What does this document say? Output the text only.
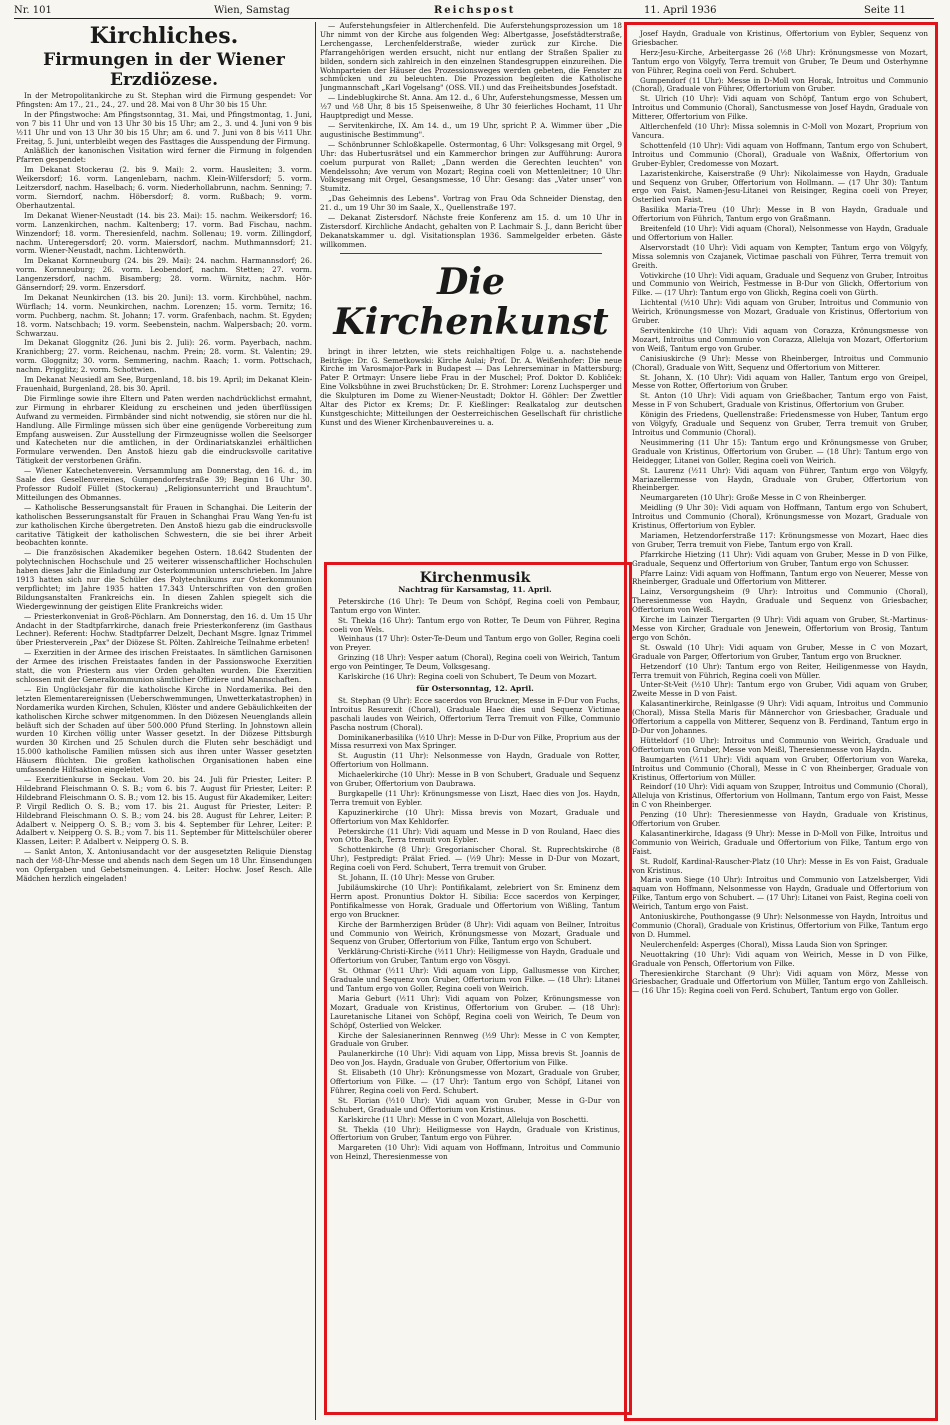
Nr. 101	Wien, Samstag	Reichspost	11. April 1936	Seite 11
Kirchliches.
Firmungen in der Wiener Erzdiözese.

In der Metropolitankirche zu St. Stephan wird die Firmung gespendet: Vor Pfingsten: Am 17., 21., 24., 27. und 28. Mai von 8 Uhr 30 bis 15 Uhr.

In der Pfingstwoche: Am Pfingstsonntag, 31. Mai, und Pfingstmontag, 1. Juni, von 7 bis 11 Uhr und von 13 Uhr 30 bis 15 Uhr; am 2., 3. und 4. Juni von 9 bis ½11 Uhr und von 13 Uhr 30 bis 15 Uhr; am 6. und 7. Juni von 8 bis ½11 Uhr. Freitag, 5. Juni, unterbleibt wegen des Fasttages die Ausspendung der Firmung.

Anläßlich der kanonischen Visitation wird ferner die Firmung in folgenden Pfarren gespendet:

Im Dekanat Stockerau (2. bis 9. Mai): 2. vorm. Hausleiten; 3. vorm. Weikersdorf; 16. vorm. Langenlebarn, nachm. Klein-Wilfersdorf; 5. vorm. Leitzersdorf, nachm. Haselbach; 6. vorm. Niederhollabrunn, nachm. Senning; 7. vorm. Sierndorf, nachm. Höbersdorf; 8. vorm. Rußbach; 9. vorm. Oberhautzental.

Im Dekanat Wiener-Neustadt (14. bis 23. Mai): 15. nachm. Weikersdorf; 16. vorm. Lanzenkirchen, nachm. Kaltenberg; 17. vorm. Bad Fischau, nachm. Winzendorf; 18. vorm. Theresienfeld, nachm. Sollenau; 19. vorm. Zillingdorf, nachm. Unteregersdorf; 20. vorm. Maiersdorf, nachm. Muthmannsdorf; 21. vorm. Wiener-Neustadt, nachm. Lichtenwörth.

Im Dekanat Kornneuburg (24. bis 29. Mai): 24. nachm. Harmannsdorf; 26. vorm. Kornneuburg; 26. vorm. Leobendorf, nachm. Stetten; 27. vorm. Langenzersdorf, nachm. Bisamberg; 28. vorm. Würnitz, nachm. Hör-Gänserndorf; 29. vorm. Enzersdorf.

Im Dekanat Neunkirchen (13. bis 20. Juni): 13. vorm. Kirchbühel, nachm. Würflach; 14. vorm. Neunkirchen, nachm. Lorenzen; 15. vorm. Ternitz; 16. vorm. Puchberg, nachm. St. Johann; 17. vorm. Grafenbach, nachm. St. Egyden; 18. vorm. Natschbach; 19. vorm. Seebenstein, nachm. Walpersbach; 20. vorm. Schwarzau.

Im Dekanat Gloggnitz (26. Juni bis 2. Juli): 26. vorm. Payerbach, nachm. Kranichberg; 27. vorm. Reichenau, nachm. Prein; 28. vorm. St. Valentin; 29. vorm. Gloggnitz; 30. vorm. Semmering, nachm. Raach; 1. vorm. Pottschach, nachm. Prigglitz; 2. vorm. Schottwien.

Im Dekanat Neusiedl am See, Burgenland, 18. bis 19. April; im Dekanat Klein-Frauenhaid, Burgenland, 28. bis 30. April.

Die Firmlinge sowie ihre Eltern und Paten werden nachdrücklichst ermahnt, zur Firmung in ehrbarer Kleidung zu erscheinen und jeden überflüssigen Aufwand zu vermeiden. Firmbänder sind nicht notwendig, sie stören nur die hl. Handlung. Alle Firmlinge müssen sich über eine genügende Vorbereitung zum Empfang ausweisen. Zur Ausstellung der Firmzeugnisse wollen die Seelsorger und Katecheten nur die amtlichen, in der Ordinariatskanzlei erhältlichen Formulare verwenden. Den Anstoß hiezu gab die eindrucksvolle caritative Tätigkeit der verstorbenen Gräfin.

— Wiener Katechetenverein. Versammlung am Donnerstag, den 16. d., im Saale des Gesellenvereines, Gumpendorferstraße 39; Beginn 16 Uhr 30. Professor Rudolf Füllet (Stockerau) „Religionsunterricht und Brauchtum". Mitteilungen des Obmannes.

— Katholische Besserungsanstalt für Frauen in Schanghai. Die Leiterin der katholischen Besserungsanstalt für Frauen in Schanghai Frau Wang Yen-fu ist zur katholischen Kirche übergetreten. Den Anstoß hiezu gab die eindrucksvolle caritative Tätigkeit der katholischen Schwestern, die sie bei ihrer Arbeit beobachten konnte.

— Die französischen Akademiker begehen Ostern. 18.642 Studenten der polytechnischen Hochschule und 25 weiterer wissenschaftlicher Hochschulen haben dieses Jahr die Einladung zur Osterkommunion unterschrieben. Im Jahre 1913 hatten sich nur die Schüler des Polytechnikums zur Osterkommunion verpflichtet; im Jahre 1935 hatten 17.343 Unterschriften von den großen Bildungsanstalten Frankreichs ein. In diesen Zahlen spiegelt sich die Wiedergewinnung der geistigen Elite Frankreichs wider.

— Priesterkonveniat in Groß-Pöchlarn. Am Donnerstag, den 16. d. Um 15 Uhr Andacht in der Stadtpfarrkirche, danach freie Priesterkonferenz (im Gasthaus Lechner). Referent: Hochw. Stadtpfarrer Delzelt, Dechant Msgre. Ignaz Trimmel über Priesterverein „Pax" der Diözese St. Pölten. Zahlreiche Teilnahme erbeten!

— Exerzitien in der Armee des irischen Freistaates. In sämtlichen Garnisonen der Armee des irischen Freistaates fanden in der Passionswoche Exerzitien statt, die von Priestern aus vier Orden gehalten wurden. Die Exerzitien schlossen mit der Generalkommunion sämtlicher Offiziere und Mannschaften.

— Ein Unglücksjahr für die katholische Kirche in Nordamerika. Bei den letzten Elementarereignissen (Ueberschwemmungen, Unwetterkatastrophen) in Nordamerika wurden Kirchen, Schulen, Klöster und andere Gebäulichkeiten der katholischen Kirche schwer mitgenommen. In den Diözesen Neuenglands allein beläuft sich der Schaden auf über 500.000 Pfund Sterling. In Johnstown allein wurden 10 Kirchen völlig unter Wasser gesetzt. In der Diözese Pittsburgh wurden 30 Kirchen und 25 Schulen durch die Fluten sehr beschädigt und 15.000 katholische Familien müssen sich aus ihren unter Wasser gesetzten Häusern flüchten. Die großen katholischen Organisationen haben eine umfassende Hilfsaktion eingeleitet.

— Exerzitienkurse in Seckau. Vom 20. bis 24. Juli für Priester, Leiter: P. Hildebrand Fleischmann O. S. B.; vom 6. bis 7. August für Priester, Leiter: P. Hildebrand Fleischmann O. S. B.; vom 12. bis 15. August für Akademiker, Leiter: P. Virgil Redlich O. S. B.; vom 17. bis 21. August für Priester, Leiter: P. Hildebrand Fleischmann O. S. B.; vom 24. bis 28. August für Lehrer, Leiter: P. Adalbert v. Neipperg O. S. B.; vom 3. bis 4. September für Lehrer, Leiter: P. Adalbert v. Neipperg O. S. B.; vom 7. bis 11. September für Mittelschüler oberer Klassen, Leiter: P. Adalbert v. Neipperg O. S. B.

— Sankt Anton, X. Antoniusandacht vor der ausgesetzten Reliquie Dienstag nach der ½8-Uhr-Messe und abends nach dem Segen um 18 Uhr. Einsendungen von Opfergaben und Gebetsmeinungen. 4. Leiter: Hochw. Josef Resch. Alle Mädchen herzlich eingeladen!

— Auferstehungsfeier in Altlerchenfeld. Die Auferstehungsprozession um 18 Uhr nimmt von der Kirche aus folgenden Weg: Albertgasse, Josefstädterstraße, Lerchengasse, Lerchenfelderstraße, wieder zurück zur Kirche. Die Pfarrangehörigen werden ersucht, nicht nur entlang der Straßen Spalier zu bilden, sondern sich zahlreich in den einzelnen Standesgruppen einzureihen. Die Wohnparteien der Häuser des Prozessionsweges werden gebeten, die Fenster zu schmücken und zu beleuchten. Die Prozession begleiten die Katholische Jungmannschaft „Karl Vogelsang" (OSS. VII.) und das Freiheitsbundes Josefstadt.

— Lindeblugkirche St. Anna. Am 12. d., 6 Uhr, Auferstehungsmesse, Messen um ½7 und ½8 Uhr, 8 bis 15 Speisenweihe, 8 Uhr 30 feierliches Hochamt, 11 Uhr Hauptpredigt und Messe.

— Servitenkirche, IX. Am 14. d., um 19 Uhr, spricht P. A. Wimmer über „Die augustinische Bestimmung".

— Schönbrunner Schloßkapelle. Ostermontag, 6 Uhr: Volksgesang mit Orgel, 9 Uhr: das Hubertusrätsel und ein Kammerchor bringen zur Aufführung: Aurora coelum purpurat von Rallet; „Dann werden die Gerechten leuchten" von Mendelssohn; Ave verum von Mozart; Regina coeli von Mettenleitner; 10 Uhr: Volksgesang mit Orgel, Gesangsmesse, 10 Uhr: Gesang: das „Vater unser" von Stumitz.

„Das Geheimnis des Lebens". Vortrag von Frau Oda Schneider Dienstag, den 21. d., um 19 Uhr 30 im Saale, X., Quellenstraße 197.

— Dekanat Zistersdorf. Nächste freie Konferenz am 15. d. um 10 Uhr in Zistersdorf. Kirchliche Andacht, gehalten von P. Lachmair S. J., dann Bericht über Dekanatskammer u. dgl. Visitationsplan 1936. Sammelgelder erbeten. Gäste willkommen.

Die Kirchenkunst

bringt in ihrer letzten, wie stets reichhaltigen Folge u. a. nachstehende Beiträge: Dr. G. Semetkowski: Kirche Aulai; Prof. Dr. A. Weißenhofer: Die neue Kirche im Varosmajor-Park in Budapest — Das Lehrerseminar in Mattersburg; Pater P. Ortmayr: Unsere liebe Frau in der Muschel; Prof. Doktor D. Kobliček: Eine Volksbühne in zwei Bruchstücken; Dr. E. Strohmer: Lorenz Luchsperger und die Skulpturen im Dome zu Wiener-Neustadt; Doktor H. Göhler: Der Zwettler Altar des Pictor ex Krems; Dr. F. Kießlinger: Realkatalog zur deutschen Kunstgeschichte; Mitteilungen der Oesterreichischen Gesellschaft für christliche Kunst und des Wiener Kirchenbauvereines u. a.

Kirchenmusik
Nachtrag für Karsamstag, 11. April.

Peterskirche (16 Uhr): Te Deum von Schöpf, Regina coeli von Pembaur, Tantum ergo von Winter.

St. Thekla (16 Uhr): Tantum ergo von Rotter, Te Deum von Führer, Regina coeli von Wels.

Weinhaus (17 Uhr): Oster-Te-Deum und Tantum ergo von Goller, Regina coeli von Preyer.

Grinzing (18 Uhr): Vesper aatum (Choral), Regina coeli von Weirich, Tantum ergo von Peintinger, Te Deum, Volksgesang.

Karlskirche (16 Uhr): Regina coeli von Schubert, Te Deum von Mozart.

für Ostersonntag, 12. April.

St. Stephan (9 Uhr): Ecce sacerdos von Bruckner, Messe in F-Dur von Fuchs, Introitus Resurexit (Choral), Graduale Haec dies und Sequenz Victimae paschali laudes von Weirich, Offertorium Terra Tremuit von Filke, Communio Pascha nostrum (Choral).

Dominikanerbasilika (½10 Uhr): Messe in D-Dur von Filke, Proprium aus der Missa resurrexi von Max Springer.

St. Augustin (11 Uhr): Nelsonmesse von Haydn, Graduale von Rotter, Offertorium von Hollmann.

Michaelerkirche (10 Uhr): Messe in B von Schubert, Graduale und Sequenz von Gruber, Offertorium von Daubrawa.

Burgkapelle (11 Uhr): Krönungsmesse von Liszt, Haec dies von Jos. Haydn, Terra tremuit von Eybler.

Kapuzinerkirche (10 Uhr): Missa brevis von Mozart, Graduale und Offertorium von Max Kehldorfer.

Peterskirche (11 Uhr): Vidi aquam und Messe in D von Rouland, Haec dies von Otto Bach, Terra tremuit von Eybler.

Schottenkirche (8 Uhr): Gregorianischer Choral. St. Ruprechtskirche (8 Uhr), Festpredigt: Prälat Fried. — (½9 Uhr): Messe in D-Dur von Mozart, Regina coeli von Ferd. Schubert, Terra tremuit von Gruber.

St. Johann, II. (10 Uhr): Messe von Gruber.

Jubiläumskirche (10 Uhr): Pontifikalamt, zelebriert von Sr. Eminenz dem Herrn apost. Pronuntius Doktor H. Sibilia: Ecce sacerdos von Kerpinger, Pontifikalmesse von Horak, Graduale und Offertorium von Wißling, Tantum ergo von Bruckner.

Kirche der Barmherzigen Brüder (8 Uhr): Vidi aquam von Beilner, Introitus und Communio von Weirich, Krönungsmesse von Mozart, Graduale und Sequenz von Gruber, Offertorium von Filke, Tantum ergo von Schubert.

Verklärung-Christi-Kirche (½11 Uhr): Heiligmesse von Haydn, Graduale und Offertorium von Gruber, Tantum ergo von Vösgyi.

St. Othmar (½11 Uhr): Vidi aquam von Lipp, Gallusmesse von Kircher, Graduale und Sequenz von Gruber, Offertorium von Filke. — (18 Uhr): Litanei und Tantum ergo von Goller, Regina coeli von Weirich.

Maria Geburt (½11 Uhr): Vidi aquam von Polzer, Krönungsmesse von Mozart, Graduale von Kristinus, Offertorium von Gruber. — (18 Uhr): Lauretanische Litanei von Schöpf, Regina coeli von Weirich, Te Deum von Schöpf, Osterlied von Welcker.

Kirche der Salesianerinnen Rennweg (½9 Uhr): Messe in C von Kempter, Graduale von Gruber.

Paulanerkirche (10 Uhr): Vidi aquam von Lipp, Missa brevis St. Joannis de Deo von Jos. Haydn, Graduale von Gruber, Offertorium von Filke.

St. Elisabeth (10 Uhr): Krönungsmesse von Mozart, Graduale von Gruber, Offertorium von Filke. — (17 Uhr): Tantum ergo von Schöpf, Litanei von Führer, Regina coeli von Ferd. Schubert.

St. Florian (½10 Uhr): Vidi aquam von Gruber, Messe in G-Dur von Schubert, Graduale und Offertorium von Kristinus.

Karlskirche (11 Uhr): Messe in C von Mozart, Alleluja von Boschetti.

St. Thekla (10 Uhr): Heiligmesse von Haydn, Graduale von Kristinus, Offertorium von Gruber, Tantum ergo von Führer.

Margareten (10 Uhr): Vidi aquam von Hoffmann, Introitus und Communio von Heinzl, Theresienmesse von

Josef Haydn, Graduale von Kristinus, Offertorium von Eybler, Sequenz von Griesbacher.

Herz-Jesu-Kirche, Arbeitergasse 26 (½8 Uhr): Krönungsmesse von Mozart, Tantum ergo von Völgyfy, Terra tremuit von Gruber, Te Deum und Osterhymne von Führer, Regina coeli von Ferd. Schubert.

Gumpendorf (11 Uhr): Messe in D-Moll von Horak, Introitus und Communio (Choral), Graduale von Führer, Offertorium von Gruber.

St. Ulrich (10 Uhr): Vidi aquam von Schöpf, Tantum ergo von Schubert, Introitus und Communio (Choral), Sanctusmesse von Josef Haydn, Graduale von Mitterer, Offertorium von Filke.

Altlerchenfeld (10 Uhr): Missa solemnis in C-Moll von Mozart, Proprium von Vancura.

Schottenfeld (10 Uhr): Vidi aquam von Hoffmann, Tantum ergo von Schubert, Introitus und Communio (Choral), Graduale von Waßnix, Offertorium von Gruber-Eybler, Credomesse von Mozart.

Lazaristenkirche, Kaiserstraße (9 Uhr): Nikolaimesse von Haydn, Graduale und Sequenz von Gruber, Offertorium von Hollmann. — (17 Uhr 30): Tantum ergo von Faist, Namen-Jesu-Litanei von Reisinger, Regina coeli von Preyer, Osterlied von Faist.

Basilika Maria-Treu (10 Uhr): Messe in B von Haydn, Graduale und Offertorium von Führich, Tantum ergo von Graßmann.

Breitenfeld (10 Uhr): Vidi aquam (Choral), Nelsonmesse von Haydn, Graduale und Offertorium von Haller.

Alservorstadt (10 Uhr): Vidi aquam von Kempter, Tantum ergo von Völgyfy, Missa solemnis von Czajanek, Victimae paschali von Führer, Terra tremuit von Greith.

Votivkirche (10 Uhr): Vidi aquam, Graduale und Sequenz von Gruber, Introitus und Communio von Weirich, Festmesse in B-Dur von Glickh, Offertorium von Filke. — (17 Uhr): Tantum ergo von Glickh, Regina coeli von Gürth.

Lichtental (½10 Uhr): Vidi aquam von Gruber, Introitus und Communio von Weirich, Krönungsmesse von Mozart, Graduale von Kristinus, Offertorium von Gruber.

Servitenkirche (10 Uhr): Vidi aquam von Corazza, Krönungsmesse von Mozart, Introitus und Communio von Corazza, Alleluja von Mozart, Offertorium von Weiß, Tantum ergo von Gruber.

Canisiuskirche (9 Uhr): Messe von Rheinberger, Introitus und Communio (Choral), Graduale von Witt, Sequenz und Offertorium von Mitterer.

St. Johann, X. (10 Uhr): Vidi aquam von Haller, Tantum ergo von Greipel, Messe von Rotter, Offertorium von Gruber.

St. Anton (10 Uhr): Vidi aquam von Grießbacher, Tantum ergo von Faist, Messe in F von Schubert, Graduale von Kristinus, Offertorium von Gruber.

Königin des Friedens, Quellenstraße: Friedensmesse von Huber, Tantum ergo von Völgyfy, Graduale und Sequenz von Gruber, Terra tremuit von Gruber, Introitus und Communio (Choral).

Neusimmering (11 Uhr 15): Tantum ergo und Krönungsmesse von Gruber, Graduale von Kristinus, Offertorium von Gruber. — (18 Uhr): Tantum ergo von Heidegger, Litanei von Goller, Regina coeli von Weirich.

St. Laurenz (½11 Uhr): Vidi aquam von Führer, Tantum ergo von Völgyfy, Mariazellermesse von Haydn, Graduale von Gruber, Offertorium von Rheinberger.

Neumargareten (10 Uhr): Große Messe in C von Rheinberger.

Meidling (9 Uhr 30): Vidi aquam von Hoffmann, Tantum ergo von Schubert, Introitus und Communio (Choral), Krönungsmesse von Mozart, Graduale von Kristinus, Offertorium von Eybler.

Mariamen, Hetzendorferstraße 117: Krönungsmesse von Mozart, Haec dies von Gruber, Terra tremuit von Fiebe, Tantum ergo von Krall.

Pfarrkirche Hietzing (11 Uhr): Vidi aquam von Gruber, Messe in D von Filke, Graduale, Sequenz und Offertorium von Gruber, Tantum ergo von Schusser.

Pfarre Lainz: Vidi aquam von Hoffmann, Tantum ergo von Neuerer, Messe von Rheinberger, Graduale und Offertorium von Mitterer.

Lainz, Versorgungsheim (9 Uhr): Introitus und Communio (Choral), Theresienmesse von Haydn, Graduale und Sequenz von Griesbacher, Offertorium von Weiß.

Kirche im Lainzer Tiergarten (9 Uhr): Vidi aquam von Gruber, St.-Martinus-Messe von Kircher, Graduale von Jenewein, Offertorium von Brosig, Tantum ergo von Schön.

St. Oswald (10 Uhr): Vidi aquam von Gruber, Messe in C von Mozart, Graduale von Parger, Offertorium von Gruber, Tantum ergo von Bruckner.

Hetzendorf (10 Uhr): Tantum ergo von Reiter, Heiligenmesse von Haydn, Terra tremuit von Führich, Regina coeli von Müller.

Unter-St-Veit (½10 Uhr): Tantum ergo von Gruber, Vidi aquam von Gruber, Zweite Messe in D von Faist.

Kalasantinerkirche, Reinlgasse (9 Uhr): Vidi aquam, Introitus und Communio (Choral), Missa Stella Maris für Männerchor von Griesbacher, Graduale und Offertorium a cappella von Mitterer, Sequenz von B. Ferdinand, Tantum ergo in D-Dur von Johannes.

Hütteldorf (10 Uhr): Introitus und Communio von Weirich, Graduale und Offertorium von Gruber, Messe von Meißl, Theresienmesse von Haydn.

Baumgarten (½11 Uhr): Vidi aquam von Gruber, Offertorium von Wareka, Introitus und Communio (Choral), Messe in C von Rheinberger, Graduale von Kristinus, Offertorium von Müller.

Reindorf (10 Uhr): Vidi aquam von Szupper, Introitus und Communio (Choral), Alleluja von Kristinus, Offertorium von Hollmann, Tantum ergo von Faist, Messe in C von Rheinberger.

Penzing (10 Uhr): Theresienmesse von Haydn, Graduale von Kristinus, Offertorium von Gruber.

Kalasantinerkirche, Idagass (9 Uhr): Messe in D-Moll von Filke, Introitus und Communio von Weirich, Graduale und Offertorium von Filke, Tantum ergo von Faist.

St. Rudolf, Kardinal-Rauscher-Platz (10 Uhr): Messe in Es von Faist, Graduale von Kristinus.

Maria vom Siege (10 Uhr): Introitus und Communio von Latzelsberger, Vidi aquam von Hoffmann, Nelsonmesse von Haydn, Graduale und Offertorium von Filke, Tantum ergo von Schubert. — (17 Uhr): Litanei von Faist, Regina coeli von Weirich, Tantum ergo von Faist.

Antoniuskirche, Pouthongasse (9 Uhr): Nelsonmesse von Haydn, Introitus und Communio (Choral), Graduale von Kristinus, Offertorium von Filke, Tantum ergo von D. Hummel.

Neulerchenfeld: Asperges (Choral), Missa Lauda Sion von Springer.

Neuottakring (10 Uhr): Vidi aquam von Weirich, Messe in D von Filke, Graduale von Pensch, Offertorium von Filke.

Theresienkirche Starchant (9 Uhr): Vidi aquam von Mörz, Messe von Griesbacher, Graduale und Offertorium von Müller, Tantum ergo von Zahlleisch. — (16 Uhr 15): Regina coeli von Ferd. Schubert, Tantum ergo von Goller.
